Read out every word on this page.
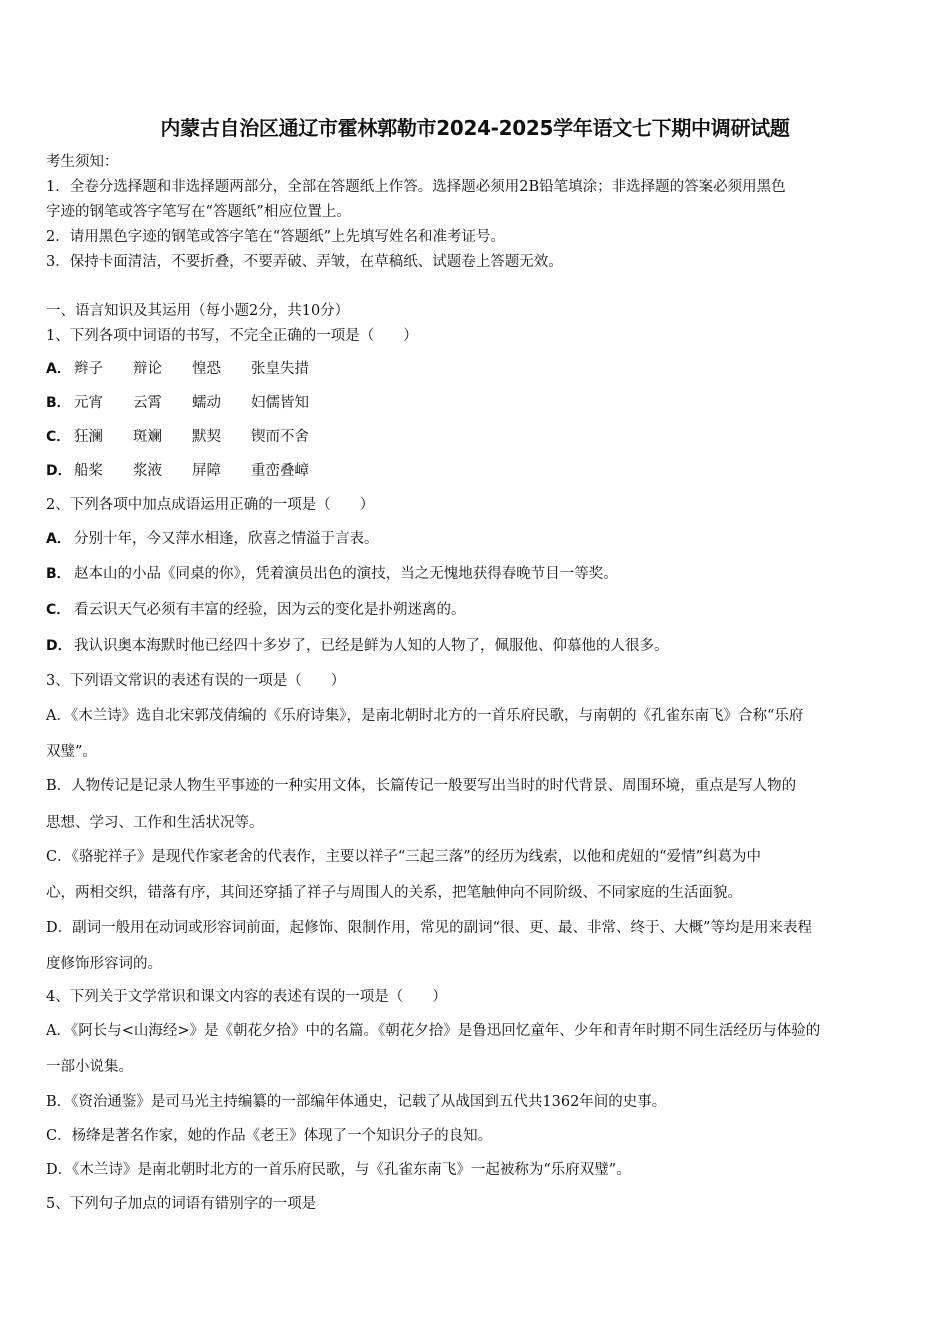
内蒙古自治区通辽市霍林郭勒市2024-2025学年语文七下期中调研试题
考生须知：
1．全卷分选择题和非选择题两部分，全部在答题纸上作答。选择题必须用2B铅笔填涂；非选择题的答案必须用黑色
字迹的钢笔或答字笔写在“答题纸”相应位置上。
2．请用黑色字迹的钢笔或答字笔在“答题纸”上先填写姓名和准考证号。
3．保持卡面清洁，不要折叠，不要弄破、弄皱，在草稿纸、试题卷上答题无效。
一、语言知识及其运用（每小题2分，共10分）
1、下列各项中词语的书写，不完全正确的一项是（　　）
A． 辫子 辩论 惶恐 张皇失措
B． 元宵 云霄 蠕动 妇儒皆知
C． 狂澜 斑斓 默契 锲而不舍
D． 船桨 浆液 屏障 重峦叠嶂
2、下列各项中加点成语运用正确的一项是（　　）
A． 分别十年，今又萍水相逢，欣喜之情溢于言表。
B． 赵本山的小品《同桌的你》，凭着演员出色的演技，当之无愧地获得春晚节目一等奖。
C． 看云识天气必须有丰富的经验，因为云的变化是扑朔迷离的。
D． 我认识奥本海默时他已经四十多岁了，已经是鲜为人知的人物了，佩服他、仰慕他的人很多。
3、下列语文常识的表述有误的一项是（　　）
A．《木兰诗》选自北宋郭茂倩编的《乐府诗集》，是南北朝时北方的一首乐府民歌，与南朝的《孔雀东南飞》合称“乐府
双璧”。
B．人物传记是记录人物生平事迹的一种实用文体，长篇传记一般要写出当时的时代背景、周围环境，重点是写人物的
思想、学习、工作和生活状况等。
C．《骆驼祥子》是现代作家老舍的代表作，主要以祥子“三起三落”的经历为线索，以他和虎妞的“爱情”纠葛为中
心，两相交织，错落有序，其间还穿插了祥子与周围人的关系，把笔触伸向不同阶级、不同家庭的生活面貌。
D．副词一般用在动词或形容词前面，起修饰、限制作用，常见的副词“很、更、最、非常、终于、大概”等均是用来表程
度修饰形容词的。
4、下列关于文学常识和课文内容的表述有误的一项是（　　）
A．《阿长与<山海经>》是《朝花夕拾》中的名篇。《朝花夕拾》是鲁迅回忆童年、少年和青年时期不同生活经历与体验的
一部小说集。
B．《资治通鉴》是司马光主持编纂的一部编年体通史，记载了从战国到五代共1362年间的史事。
C．杨绛是著名作家，她的作品《老王》体现了一个知识分子的良知。
D．《木兰诗》是南北朝时北方的一首乐府民歌，与《孔雀东南飞》一起被称为“乐府双璧”。
5、下列句子加点的词语有错别字的一项是
